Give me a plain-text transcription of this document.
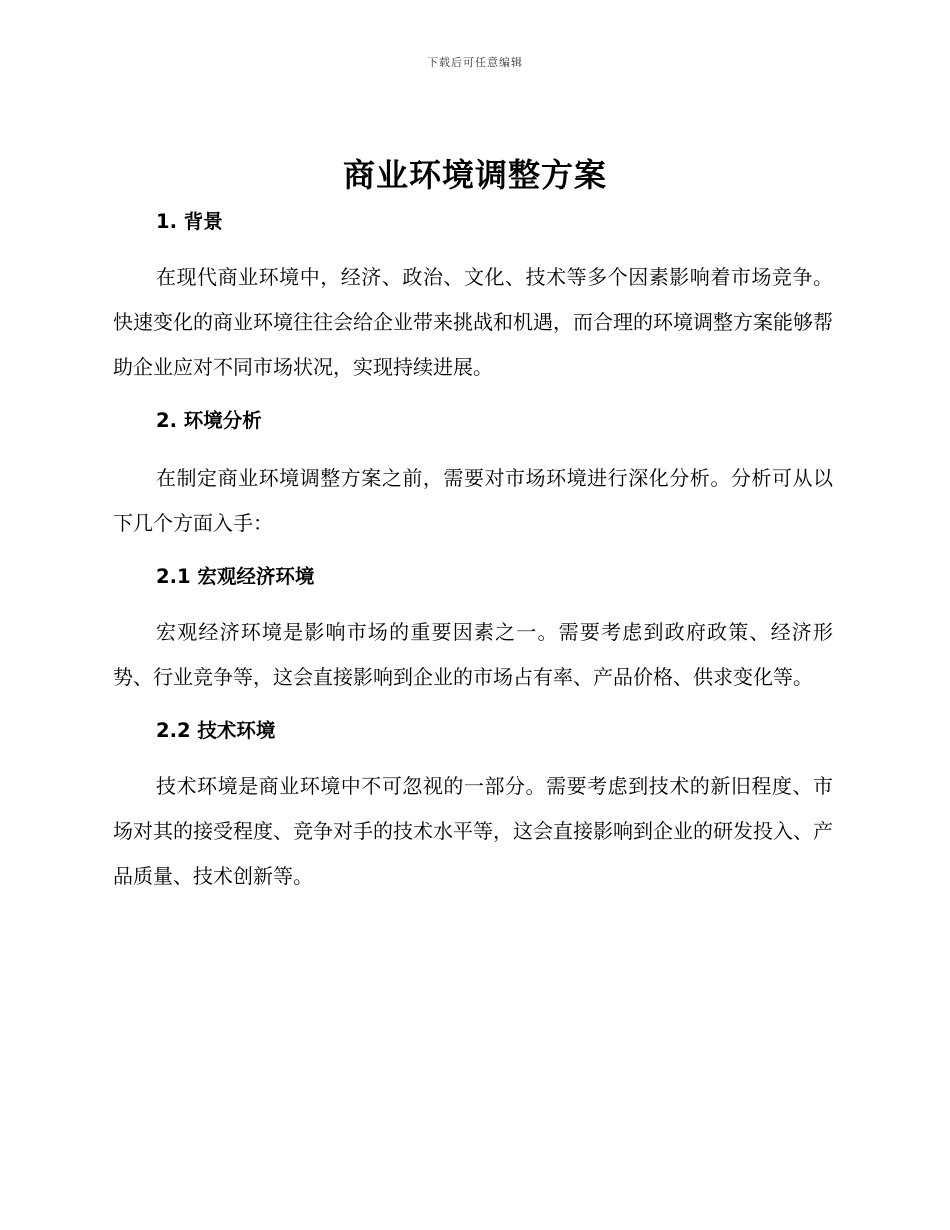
下载后可任意编辑
商业环境调整方案
1. 背景

在现代商业环境中，经济、政治、文化、技术等多个因素影响着市场竞争。快速变化的商业环境往往会给企业带来挑战和机遇，而合理的环境调整方案能够帮助企业应对不同市场状况，实现持续进展。

2. 环境分析

在制定商业环境调整方案之前，需要对市场环境进行深化分析。分析可从以下几个方面入手：

2.1 宏观经济环境

宏观经济环境是影响市场的重要因素之一。需要考虑到政府政策、经济形势、行业竞争等，这会直接影响到企业的市场占有率、产品价格、供求变化等。

2.2 技术环境

技术环境是商业环境中不可忽视的一部分。需要考虑到技术的新旧程度、市场对其的接受程度、竞争对手的技术水平等，这会直接影响到企业的研发投入、产品质量、技术创新等。
